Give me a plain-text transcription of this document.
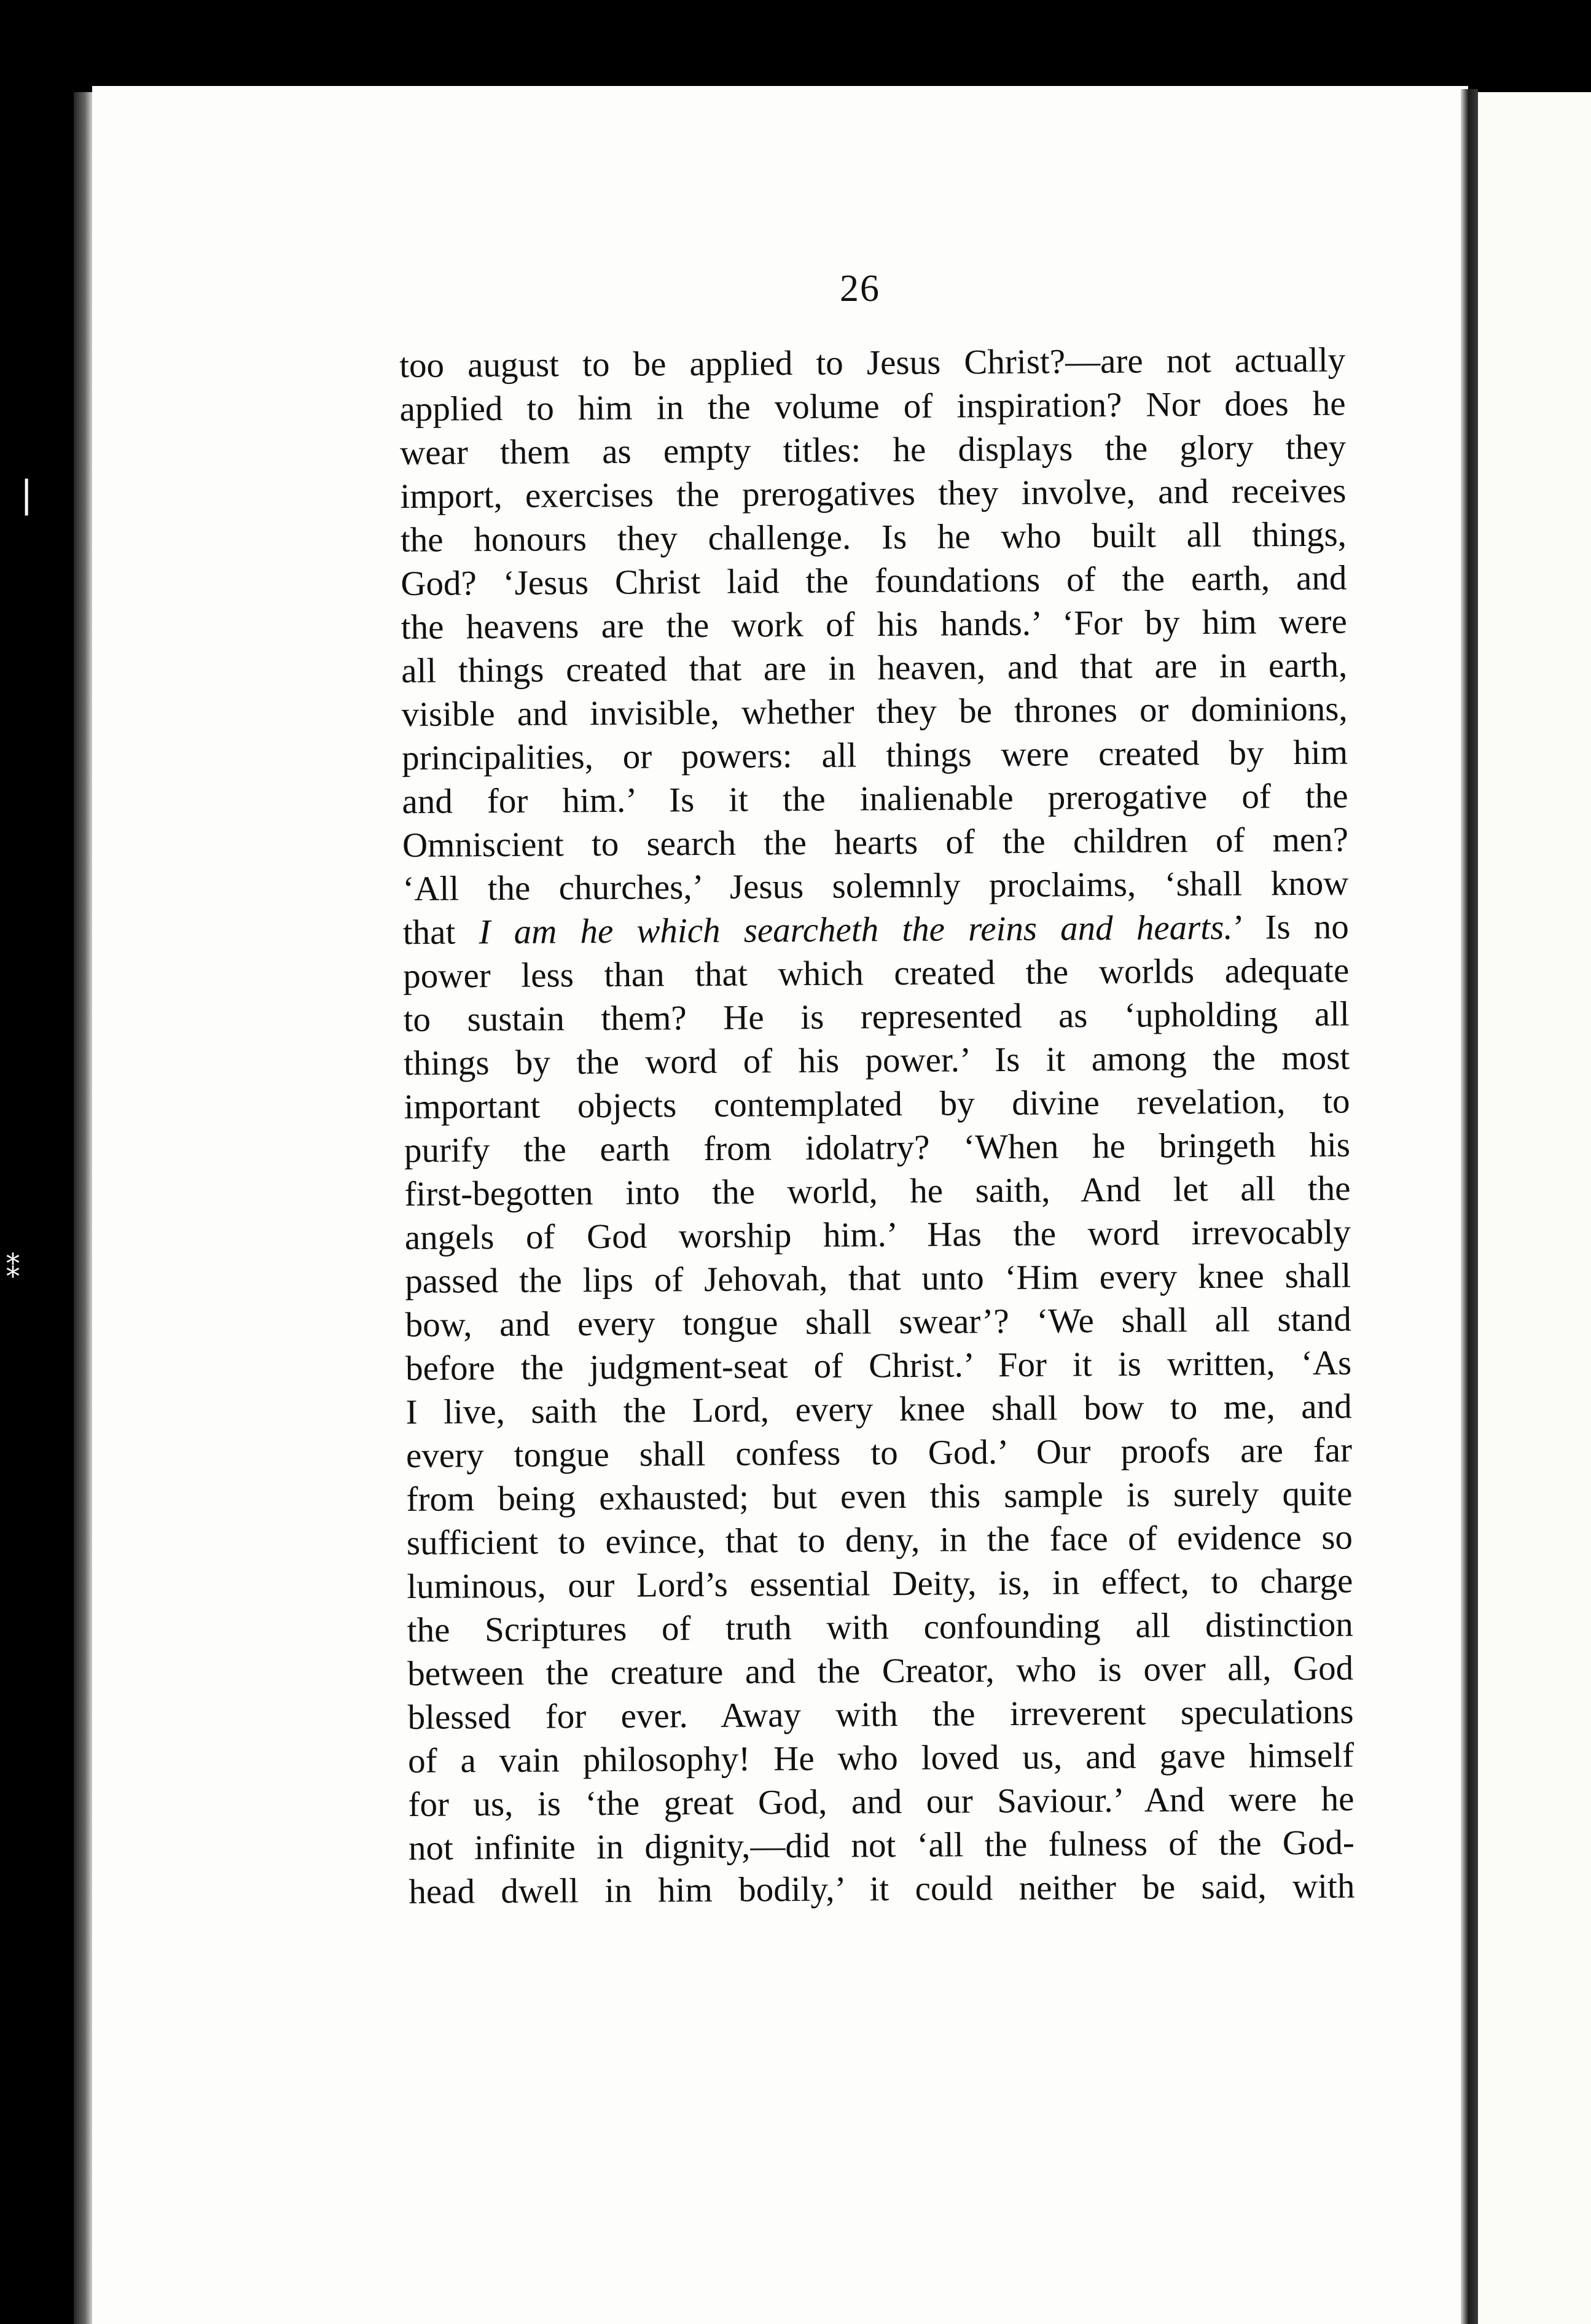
❘
⁑
26
too august to be applied to Jesus Christ?—are not actually
applied to him in the volume of inspiration? Nor does he
wear them as empty titles: he displays the glory they
import, exercises the prerogatives they involve, and receives
the honours they challenge. Is he who built all things,
God? ‘Jesus Christ laid the foundations of the earth, and
the heavens are the work of his hands.’ ‘For by him were
all things created that are in heaven, and that are in earth,
visible and invisible, whether they be thrones or dominions,
principalities, or powers: all things were created by him
and for him.’ Is it the inalienable prerogative of the
Omniscient to search the hearts of the children of men?
‘All the churches,’ Jesus solemnly proclaims, ‘shall know
that I am he which searcheth the reins and hearts.’ Is no
power less than that which created the worlds adequate
to sustain them? He is represented as ‘upholding all
things by the word of his power.’ Is it among the most
important objects contemplated by divine revelation, to
purify the earth from idolatry? ‘When he bringeth his
first-begotten into the world, he saith, And let all the
angels of God worship him.’ Has the word irrevocably
passed the lips of Jehovah, that unto ‘Him every knee shall
bow, and every tongue shall swear’? ‘We shall all stand
before the judgment-seat of Christ.’ For it is written, ‘As
I live, saith the Lord, every knee shall bow to me, and
every tongue shall confess to God.’ Our proofs are far
from being exhausted; but even this sample is surely quite
sufficient to evince, that to deny, in the face of evidence so
luminous, our Lord’s essential Deity, is, in effect, to charge
the Scriptures of truth with confounding all distinction
between the creature and the Creator, who is over all, God
blessed for ever. Away with the irreverent speculations
of a vain philosophy! He who loved us, and gave himself
for us, is ‘the great God, and our Saviour.’ And were he
not infinite in dignity,—did not ‘all the fulness of the God-
head dwell in him bodily,’ it could neither be said, with
